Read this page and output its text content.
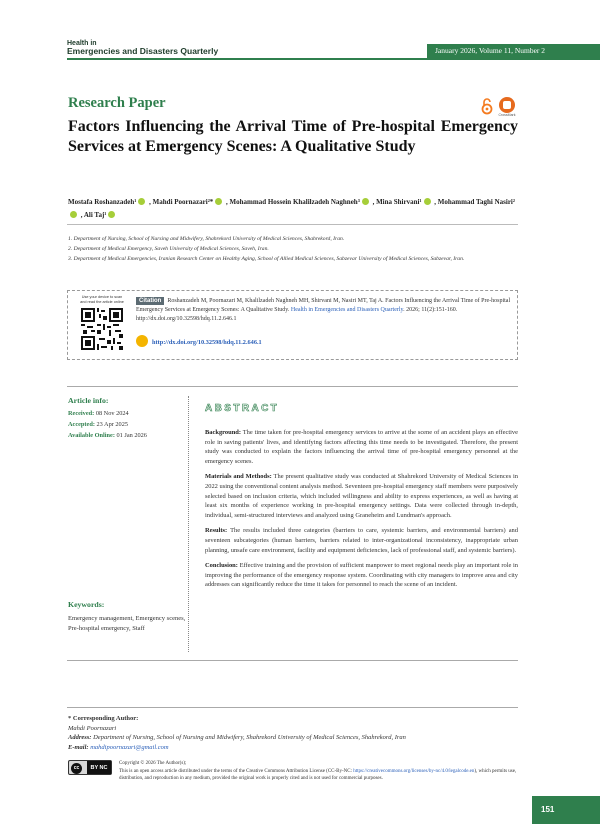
Health in
Emergencies and Disasters Quarterly	January 2026, Volume 11, Number 2
Research Paper
CrossMark
Factors Influencing the Arrival Time of Pre-hospital Emergency Services at Emergency Scenes: A Qualitative Study
Mostafa Roshanzadeh¹ , Mahdi Poornazari²* , Mohammad Hossein Khalilzadeh Naghneh³ , Mina Shirvani¹ , Mohammad Taghi Nasiri² , Ali Taj¹

1. Department of Nursing, School of Nursing and Midwifery, Shahrekord University of Medical Sciences, Shahrekord, Iran.

2. Department of Medical Emergency, Saveh University of Medical Sciences, Saveh, Iran.

3. Department of Medical Emergencies, Iranian Research Center on Healthy Aging, School of Allied Medical Sciences, Sabzevar University of Medical Sciences, Sabzevar, Iran.

Use your device to scan
and read the article online	Citation Roshanzadeh M, Poornazari M, Khalilzadeh Naghneh MH, Shirvani M, Nasiri MT, Taj A. Factors Influencing the Arrival Time of Pre-hospital Emergency Services at Emergency Scenes: A Qualitative Study. Health in Emergencies and Disasters Quarterly. 2026; 11(2):151-160. http://dx.doi.org/10.32598/hdq.11.2.646.1
http://dx.doi.org/10.32598/hdq.11.2.646.1
Article info:

Received: 08 Nov 2024

Accepted: 23 Apr 2025

Available Online: 01 Jan 2026

Keywords:
Emergency management, Emergency scenes, Pre-hospital emergency, Staff
ABSTRACT

Background: The time taken for pre-hospital emergency services to arrive at the scene of an accident plays an effective role in saving patients' lives, and identifying factors affecting this time needs to be investigated. Therefore, the present study was conducted to explain the factors influencing the arrival time of pre-hospital emergency personnel at the emergency scenes.

Materials and Methods: The present qualitative study was conducted at Shahrekord University of Medical Sciences in 2022 using the conventional content analysis method. Seventeen pre-hospital emergency staff members were purposively selected based on inclusion criteria, which included willingness and ability to express experiences, as well as having at least six months of experience working in pre-hospital emergency settings. Data were collected through in-depth, individual, semi-structured interviews and analyzed using Graneheim and Lundman's approach.

Results: The results included three categories (barriers to care, systemic barriers, and environmental barriers) and seventeen subcategories (human barriers, barriers related to inter-organizational inconsistency, inappropriate urban planning, unsafe care environment, facility and equipment deficiencies, lack of professional staff, and systemic barriers).

Conclusion: Effective training and the provision of sufficient manpower to meet regional needs play an important role in improving the performance of the emergency response system. Coordinating with city managers to improve area and city addresses can significantly reduce the time it takes for personnel to reach the scene of an incident.

* Corresponding Author:
Mahdi Poornazari
Address: Department of Nursing, School of Nursing and Midwifery, Shahrekord University of Medical Sciences, Shahrekord, Iran
E-mail: mahdipoornazari@gmail.com
cc	BY NC
Copyright © 2026 The Author(s);
This is an open access article distributed under the terms of the Creative Commons Attribution License (CC-By-NC: https://creativecommons.org/licenses/by-nc/4.0/legalcode.en), which permits use, distribution, and reproduction in any medium, provided the original work is properly cited and is not used for commercial purposes.
151
